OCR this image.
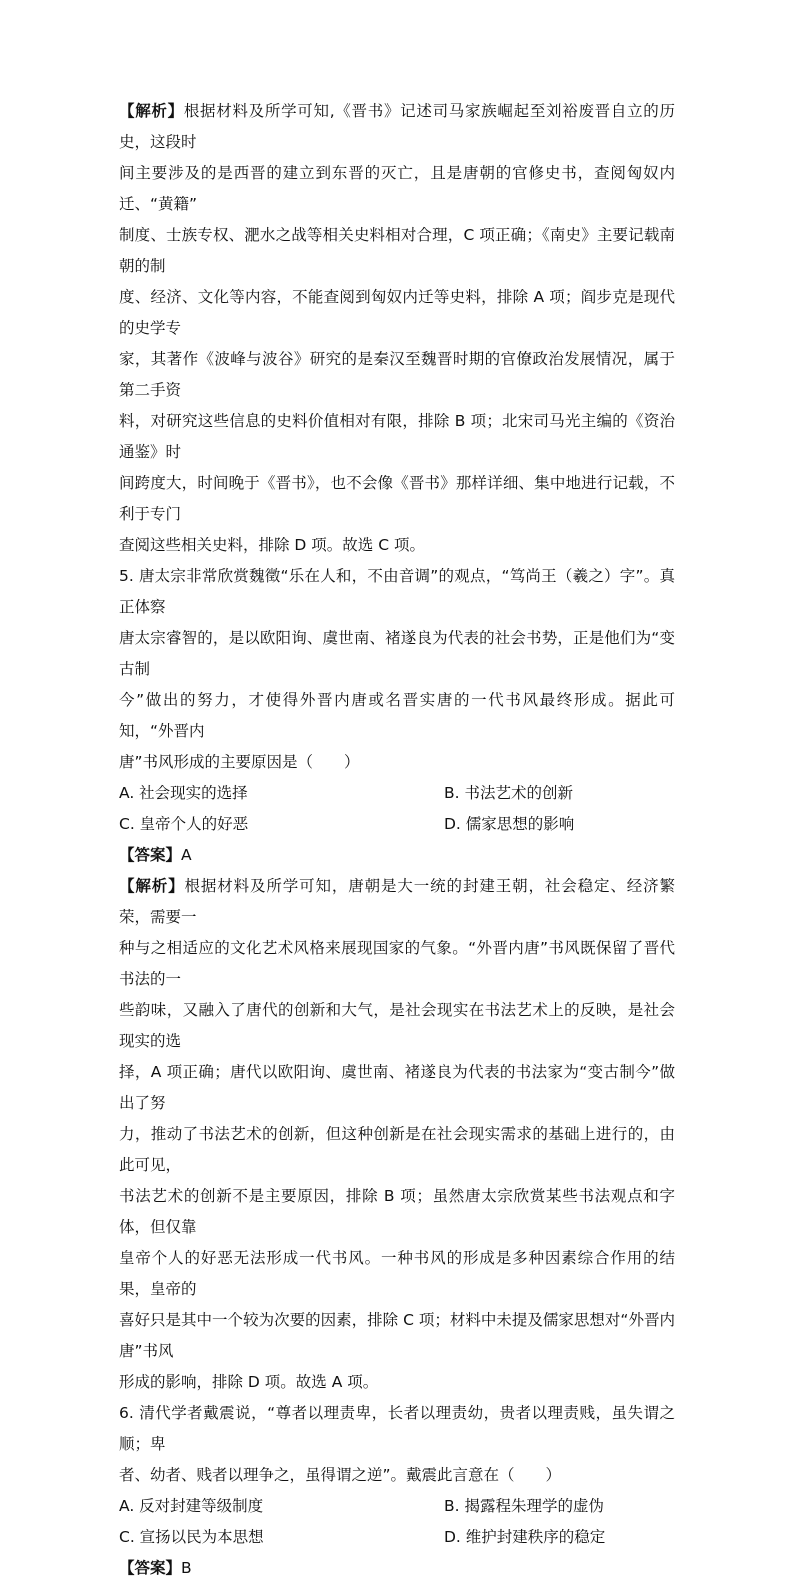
【解析】根据材料及所学可知,《晋书》记述司马家族崛起至刘裕废晋自立的历史，这段时

间主要涉及的是西晋的建立到东晋的灭亡，且是唐朝的官修史书，查阅匈奴内迁、“黄籍”

制度、士族专权、淝水之战等相关史料相对合理，C 项正确；《南史》主要记载南朝的制

度、经济、文化等内容，不能查阅到匈奴内迁等史料，排除 A 项；阎步克是现代的史学专

家，其著作《波峰与波谷》研究的是秦汉至魏晋时期的官僚政治发展情况，属于第二手资

料，对研究这些信息的史料价值相对有限，排除 B 项；北宋司马光主编的《资治通鉴》时

间跨度大，时间晚于《晋书》，也不会像《晋书》那样详细、集中地进行记载，不利于专门

查阅这些相关史料，排除 D 项。故选 C 项。

5. 唐太宗非常欣赏魏徵“乐在人和，不由音调”的观点，“笃尚王（羲之）字”。真正体察

唐太宗睿智的，是以欧阳询、虞世南、褚遂良为代表的社会书势，正是他们为“变古制

今”做出的努力，才使得外晋内唐或名晋实唐的一代书风最终形成。据此可知，“外晋内

唐”书风形成的主要原因是（　　）

A. 社会现实的选择	B. 书法艺术的创新
C. 皇帝个人的好恶	D. 儒家思想的影响

【答案】A

【解析】根据材料及所学可知，唐朝是大一统的封建王朝，社会稳定、经济繁荣，需要一

种与之相适应的文化艺术风格来展现国家的气象。“外晋内唐”书风既保留了晋代书法的一

些韵味，又融入了唐代的创新和大气，是社会现实在书法艺术上的反映，是社会现实的选

择，A 项正确；唐代以欧阳询、虞世南、褚遂良为代表的书法家为“变古制今”做出了努

力，推动了书法艺术的创新，但这种创新是在社会现实需求的基础上进行的，由此可见，

书法艺术的创新不是主要原因，排除 B 项；虽然唐太宗欣赏某些书法观点和字体，但仅靠

皇帝个人的好恶无法形成一代书风。一种书风的形成是多种因素综合作用的结果，皇帝的

喜好只是其中一个较为次要的因素，排除 C 项；材料中未提及儒家思想对“外晋内唐”书风

形成的影响，排除 D 项。故选 A 项。

6. 清代学者戴震说，“尊者以理责卑，长者以理责幼，贵者以理责贱，虽失谓之顺；卑

者、幼者、贱者以理争之，虽得谓之逆”。戴震此言意在（　　）

A. 反对封建等级制度	B. 揭露程朱理学的虚伪
C. 宣扬以民为本思想	D. 维护封建秩序的稳定

【答案】B
